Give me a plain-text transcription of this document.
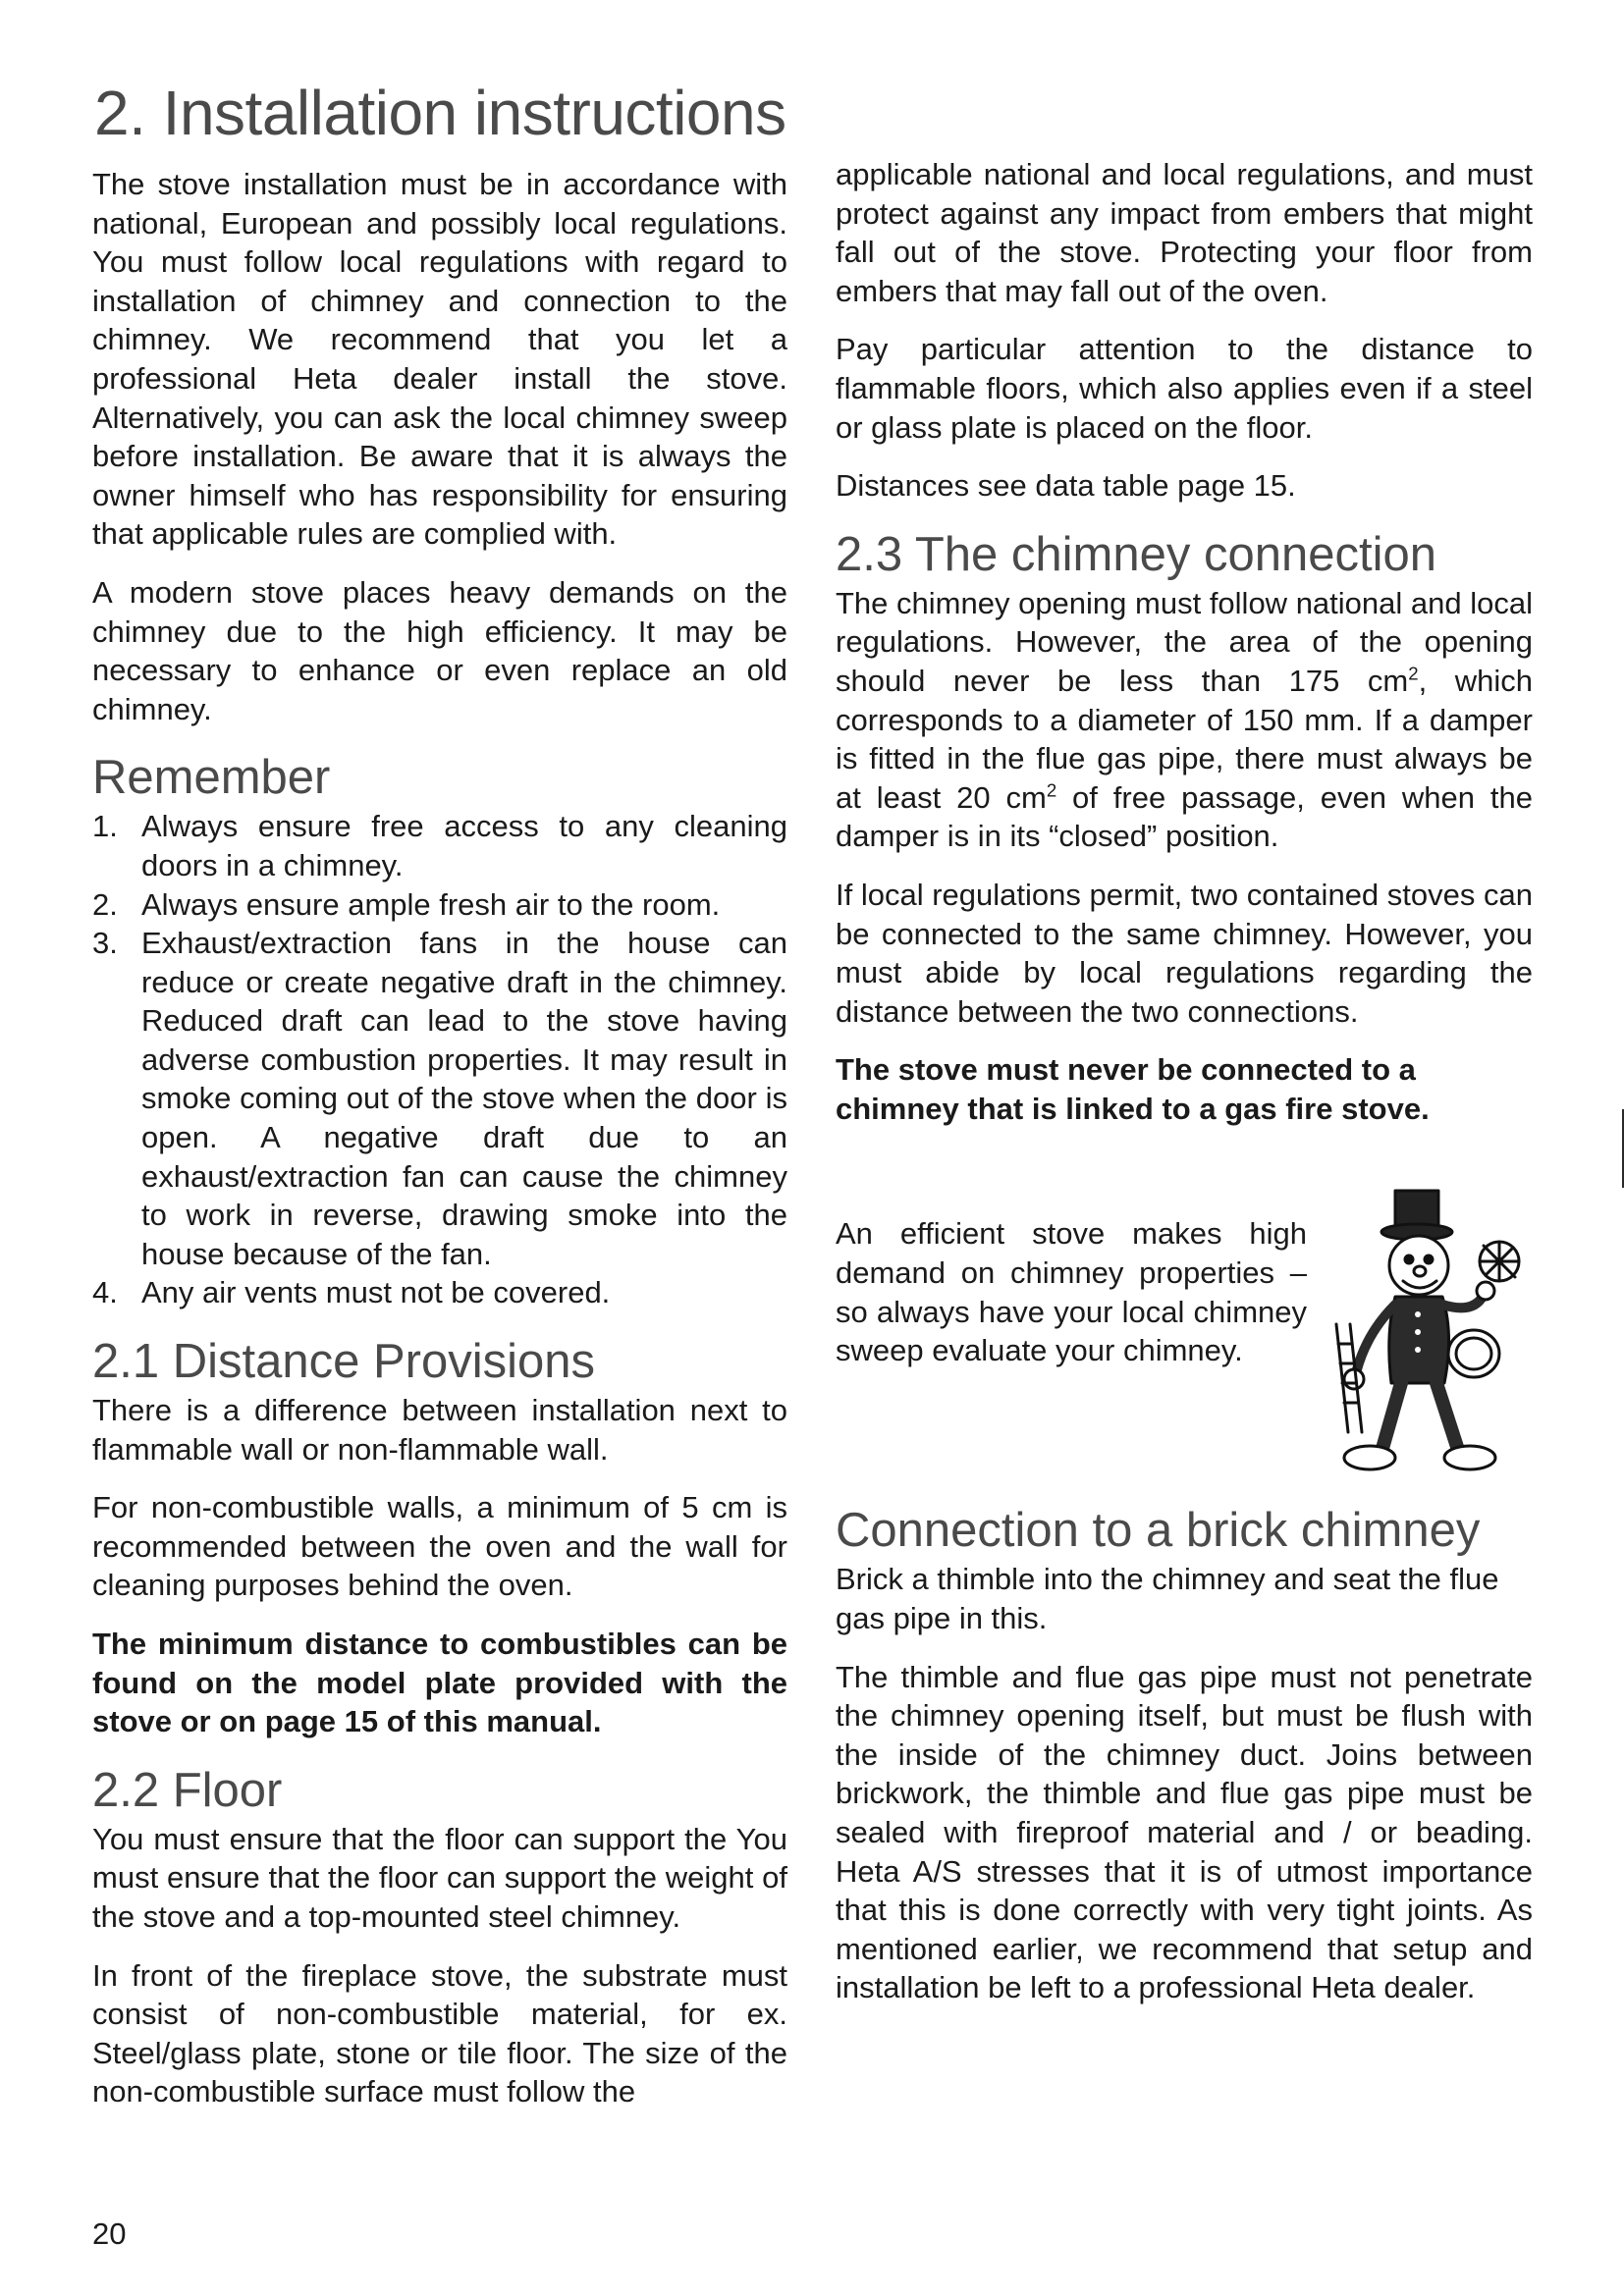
2. Installation instructions

The stove installation must be in accordance with national, European and possibly local regulations. You must follow local regulations with regard to installation of chimney and connection to the chimney. We recommend that you let a professional Heta dealer install the stove. Alternatively, you can ask the local chimney sweep before installation. Be aware that it is always the owner himself who has responsibility for ensuring that applicable rules are complied with.

A modern stove places heavy demands on the chimney due to the high efficiency. It may be necessary to enhance or even replace an old chimney.

Remember
1. Always ensure free access to any cleaning doors in a chimney.
2. Always ensure ample fresh air to the room.
3. Exhaust/extraction fans in the house can reduce or create negative draft in the chimney. Reduced draft can lead to the stove having adverse combustion properties. It may result in smoke coming out of the stove when the door is open. A negative draft due to an exhaust/extraction fan can cause the chimney to work in reverse, drawing smoke into the house because of the fan.
4. Any air vents must not be covered.
2.1 Distance Provisions

There is a difference between installation next to flammable wall or non-flammable wall.

For non-combustible walls, a minimum of 5 cm is recommended between the oven and the wall for cleaning purposes behind the oven.

The minimum distance to combustibles can be found on the model plate provided with the stove or on page 15 of this manual.

2.2 Floor

You must ensure that the floor can support the You must ensure that the floor can support the weight of the stove and a top-mounted steel chimney.

In front of the fireplace stove, the substrate must consist of non-combustible material, for ex. Steel/glass plate, stone or tile floor. The size of the non-combustible surface must follow the

applicable national and local regulations, and must protect against any impact from embers that might fall out of the stove. Protecting your floor from embers that may fall out of the oven.

Pay particular attention to the distance to flammable floors, which also applies even if a steel or glass plate is placed on the floor.

Distances see data table page 15.

2.3 The chimney connection

The chimney opening must follow national and local regulations. However, the area of the opening should never be less than 175 $cm^2$, which corresponds to a diameter of 150 mm. If a damper is fitted in the flue gas pipe, there must always be at least 20 $cm^2$ of free passage, even when the damper is in its “closed” position.

If local regulations permit, two contained stoves can be connected to the same chimney. However, you must abide by local regulations regarding the distance between the two connections.

The stove must never be connected to a chimney that is linked to a gas fire stove.

An efficient stove makes high demand on chimney properties – so always have your local chimney sweep evaluate your chimney.

Connection to a brick chimney

Brick a thimble into the chimney and seat the flue gas pipe in this.

The thimble and flue gas pipe must not penetrate the chimney opening itself, but must be flush with the inside of the chimney duct. Joins between brickwork, the thimble and flue gas pipe must be sealed with fireproof material and / or beading. Heta A/S stresses that it is of utmost importance that this is done correctly with very tight joints. As mentioned earlier, we recommend that setup and installation be left to a professional Heta dealer.

20
